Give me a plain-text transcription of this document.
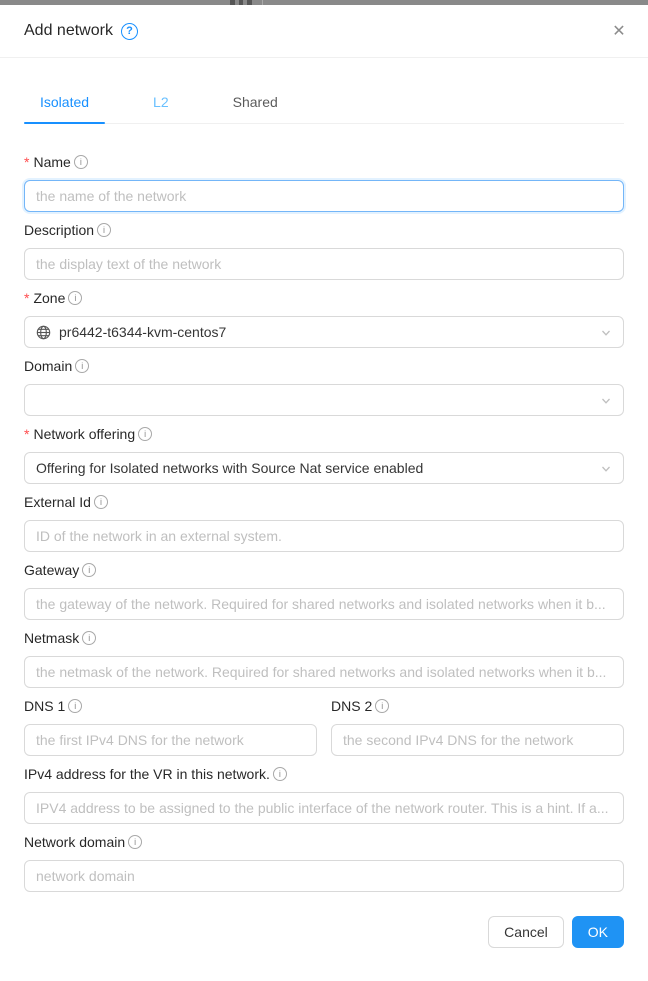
Add network	?	✕
Isolated	L2	Shared
* Name	i
the name of the network
Description	i
the display text of the network
* Zone	i
pr6442-t6344-kvm-centos7
Domain	i
* Network offering	i
Offering for Isolated networks with Source Nat service enabled
External Id	i
ID of the network in an external system.
Gateway	i
the gateway of the network. Required for shared networks and isolated networks when it b...
Netmask	i
the netmask of the network. Required for shared networks and isolated networks when it b...
DNS 1	i
the first IPv4 DNS for the network	DNS 2	i
the second IPv4 DNS for the network
IPv4 address for the VR in this network.	i
IPV4 address to be assigned to the public interface of the network router. This is a hint. If a...
Network domain	i
network domain
Cancel	OK
